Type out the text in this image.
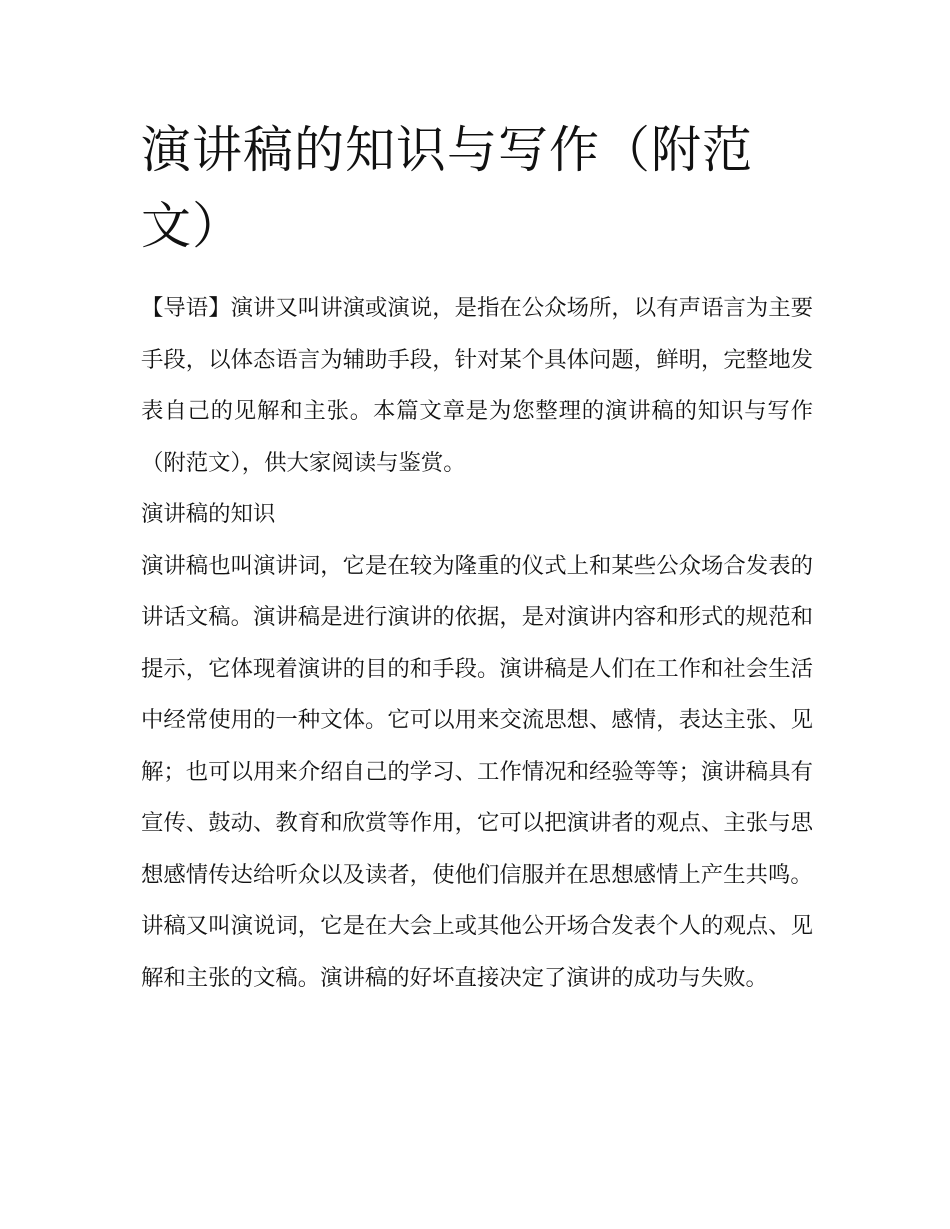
演讲稿的知识与写作（附范文）

【导语】演讲又叫讲演或演说，是指在公众场所，以有声语言为主要手段，以体态语言为辅助手段，针对某个具体问题，鲜明，完整地发表自己的见解和主张。本篇文章是为您整理的演讲稿的知识与写作（附范文），供大家阅读与鉴赏。

演讲稿的知识

演讲稿也叫演讲词，它是在较为隆重的仪式上和某些公众场合发表的讲话文稿。演讲稿是进行演讲的依据，是对演讲内容和形式的规范和提示，它体现着演讲的目的和手段。演讲稿是人们在工作和社会生活中经常使用的一种文体。它可以用来交流思想、感情，表达主张、见解；也可以用来介绍自己的学习、工作情况和经验等等；演讲稿具有宣传、鼓动、教育和欣赏等作用，它可以把演讲者的观点、主张与思想感情传达给听众以及读者，使他们信服并在思想感情上产生共鸣。

讲稿又叫演说词，它是在大会上或其他公开场合发表个人的观点、见解和主张的文稿。演讲稿的好坏直接决定了演讲的成功与失败。
